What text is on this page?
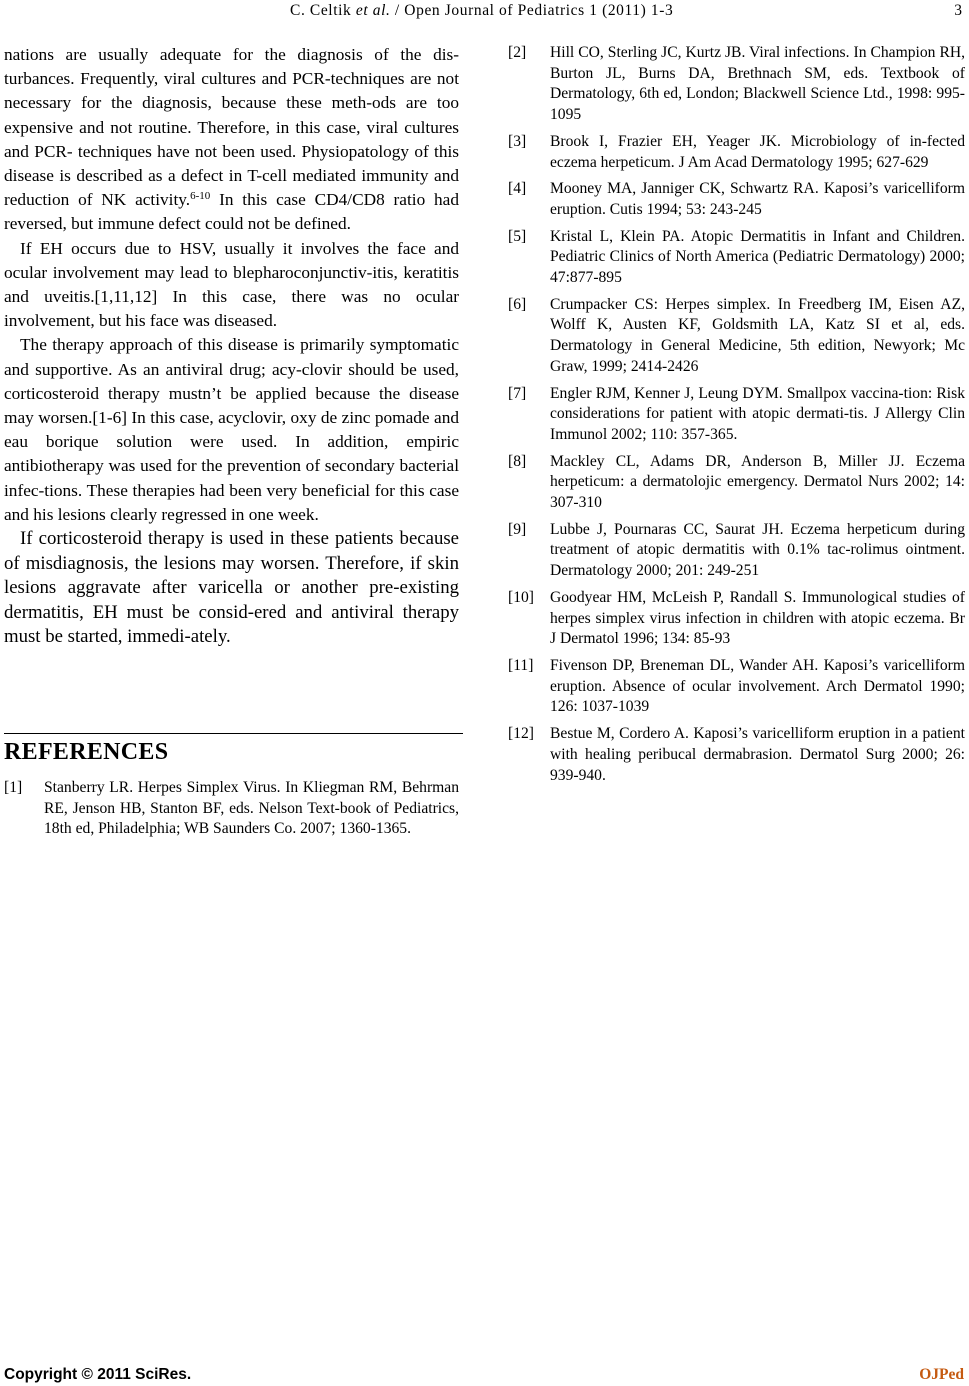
C. Celtik et al. / Open Journal of Pediatrics 1 (2011) 1-3	3

nations are usually adequate for the diagnosis of the dis-turbances. Frequently, viral cultures and PCR-techniques are not necessary for the diagnosis, because these meth-ods are too expensive and not routine. Therefore, in this case, viral cultures and PCR- techniques have not been used. Physiopatology of this disease is described as a defect in T-cell mediated immunity and reduction of NK activity.$^{6-10}$ In this case CD4/CD8 ratio had reversed, but immune defect could not be defined.

If EH occurs due to HSV, usually it involves the face and ocular involvement may lead to blepharoconjunctiv-itis, keratitis and uveitis.[1,11,12] In this case, there was no ocular involvement, but his face was diseased.

The therapy approach of this disease is primarily symptomatic and supportive. As an antiviral drug; acy-clovir should be used, corticosteroid therapy mustn’t be applied because the disease may worsen.[1-6] In this case, acyclovir, oxy de zinc pomade and eau borique solution were used. In addition, empiric antibiotherapy was used for the prevention of secondary bacterial infec-tions. These therapies had been very beneficial for this case and his lesions clearly regressed in one week.

If corticosteroid therapy is used in these patients because of misdiagnosis, the lesions may worsen. Therefore, if skin lesions aggravate after varicella or another pre-existing dermatitis, EH must be consid-ered and antiviral therapy must be started, immedi-ately.

REFERENCES
[1] Stanberry LR. Herpes Simplex Virus. In Kliegman RM, Behrman RE, Jenson HB, Stanton BF, eds. Nelson Text-book of Pediatrics, 18th ed, Philadelphia; WB Saunders Co. 2007; 1360-1365.
[2] Hill CO, Sterling JC, Kurtz JB. Viral infections. In Champion RH, Burton JL, Burns DA, Brethnach SM, eds. Textbook of Dermatology, 6th ed, London; Blackwell Science Ltd., 1998: 995-1095
[3] Brook I, Frazier EH, Yeager JK. Microbiology of in-fected eczema herpeticum. J Am Acad Dermatology 1995; 627-629
[4] Mooney MA, Janniger CK, Schwartz RA. Kaposi’s varicelliform eruption. Cutis 1994; 53: 243-245
[5] Kristal L, Klein PA. Atopic Dermatitis in Infant and Children. Pediatric Clinics of North America (Pediatric Dermatology) 2000; 47:877-895
[6] Crumpacker CS: Herpes simplex. In Freedberg IM, Eisen AZ, Wolff K, Austen KF, Goldsmith LA, Katz SI et al, eds. Dermatology in General Medicine, 5th edition, Newyork; Mc Graw, 1999; 2414-2426
[7] Engler RJM, Kenner J, Leung DYM. Smallpox vaccina-tion: Risk considerations for patient with atopic dermati-tis. J Allergy Clin Immunol 2002; 110: 357-365.
[8] Mackley CL, Adams DR, Anderson B, Miller JJ. Eczema herpeticum: a dermatolojic emergency. Dermatol Nurs 2002; 14: 307-310
[9] Lubbe J, Pournaras CC, Saurat JH. Eczema herpeticum during treatment of atopic dermatitis with 0.1% tac-rolimus ointment. Dermatology 2000; 201: 249-251
[10] Goodyear HM, McLeish P, Randall S. Immunological studies of herpes simplex virus infection in children with atopic eczema. Br J Dermatol 1996; 134: 85-93
[11] Fivenson DP, Breneman DL, Wander AH. Kaposi’s varicelliform eruption. Absence of ocular involvement. Arch Dermatol 1990; 126: 1037-1039
[12] Bestue M, Cordero A. Kaposi’s varicelliform eruption in a patient with healing peribucal dermabrasion. Dermatol Surg 2000; 26: 939-940.
Copyright © 2011 SciRes.	OJPed
